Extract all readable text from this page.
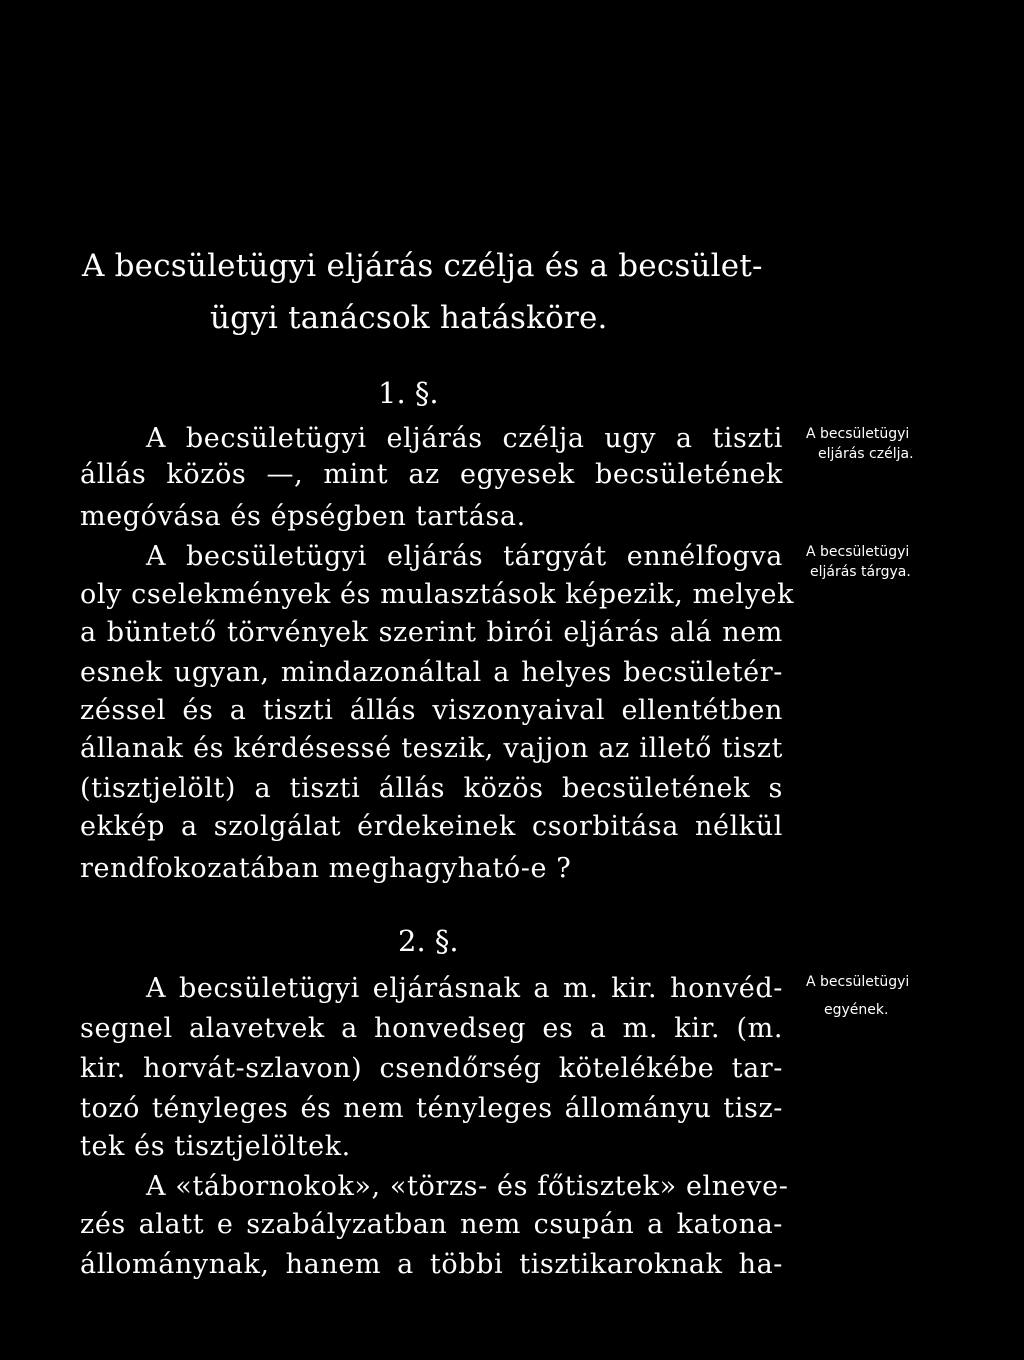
A becsületügyi eljárás czélja és a becsület-
ügyi tanácsok hatásköre.
1. §.
A becsületügyi eljárás czélja ugy a tiszti
állás közös —, mint az egyesek becsületének
megóvása és épségben tartása.
A becsületügyi eljárás tárgyát ennélfogva
oly cselekmények és mulasztások képezik, melyek
a büntető törvények szerint birói eljárás alá nem
esnek ugyan, mindazonáltal a helyes becsületér-
zéssel és a tiszti állás viszonyaival ellentétben
állanak és kérdésessé teszik, vajjon az illető tiszt
(tisztjelölt) a tiszti állás közös becsületének s
ekkép a szolgálat érdekeinek csorbitása nélkül
rendfokozatában meghagyható-e ?
2. §.
A becsületügyi eljárásnak a m. kir. honvéd-
segnel alavetvek a honvedseg es a m. kir. (m.
kir. horvát-szlavon) csendőrség kötelékébe tar-
tozó tényleges és nem tényleges állományu tisz-
tek és tisztjelöltek.
A «tábornokok», «törzs- és főtisztek» elneve-
zés alatt e szabályzatban nem csupán a katona-
állománynak, hanem a többi tisztikaroknak ha-
A becsületügyi
eljárás czélja.
A becsületügyi
eljárás tárgya.
A becsületügyi
egyének.
